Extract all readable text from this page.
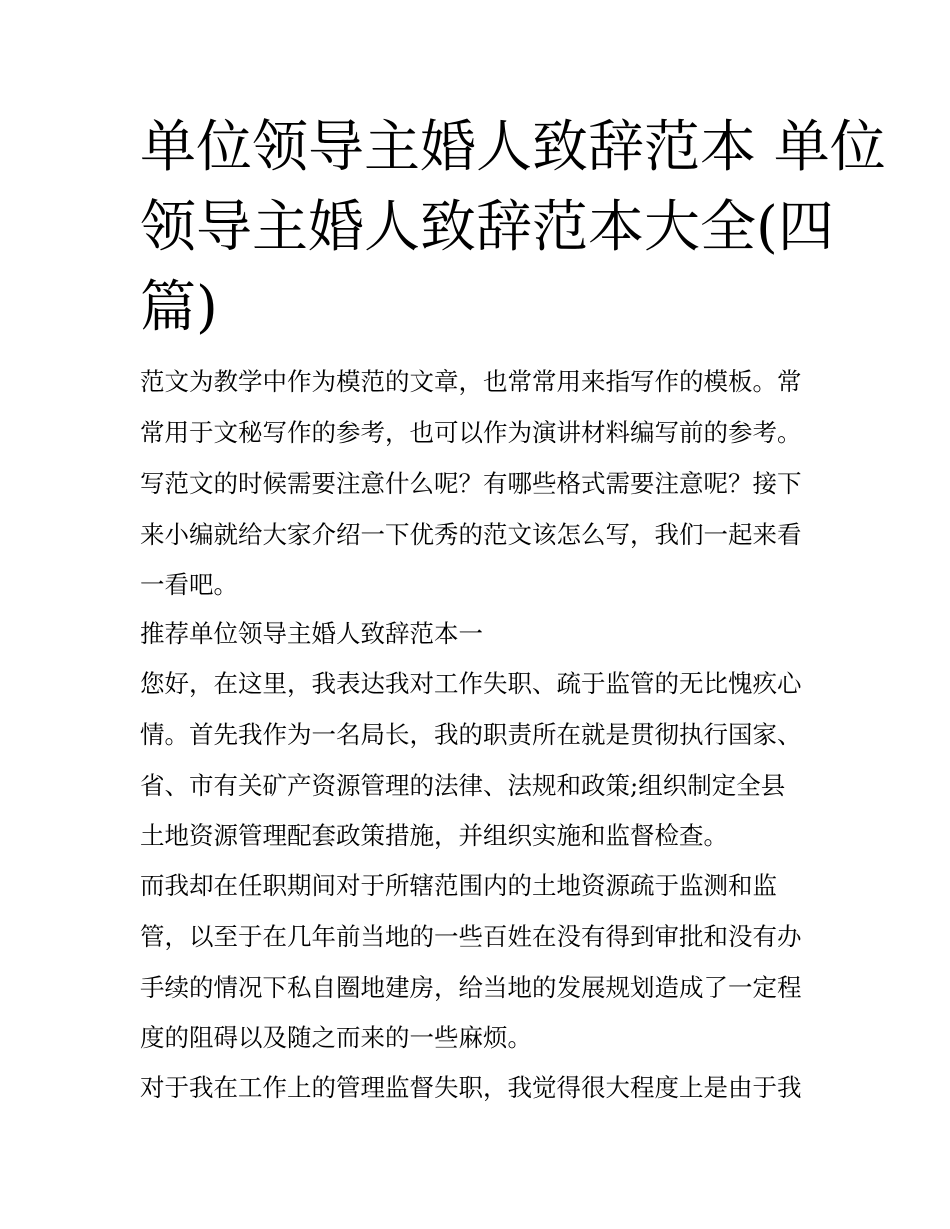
单位领导主婚人致辞范本 单位
领导主婚人致辞范本大全(四
篇)
范文为教学中作为模范的文章，也常常用来指写作的模板。常
常用于文秘写作的参考，也可以作为演讲材料编写前的参考。
写范文的时候需要注意什么呢？有哪些格式需要注意呢？接下
来小编就给大家介绍一下优秀的范文该怎么写，我们一起来看
一看吧。
推荐单位领导主婚人致辞范本一
您好，在这里，我表达我对工作失职、疏于监管的无比愧疚心
情。首先我作为一名局长，我的职责所在就是贯彻执行国家、
省、市有关矿产资源管理的法律、法规和政策;组织制定全县
土地资源管理配套政策措施，并组织实施和监督检查。
而我却在任职期间对于所辖范围内的土地资源疏于监测和监
管，以至于在几年前当地的一些百姓在没有得到审批和没有办
手续的情况下私自圈地建房，给当地的发展规划造成了一定程
度的阻碍以及随之而来的一些麻烦。
对于我在工作上的管理监督失职，我觉得很大程度上是由于我
